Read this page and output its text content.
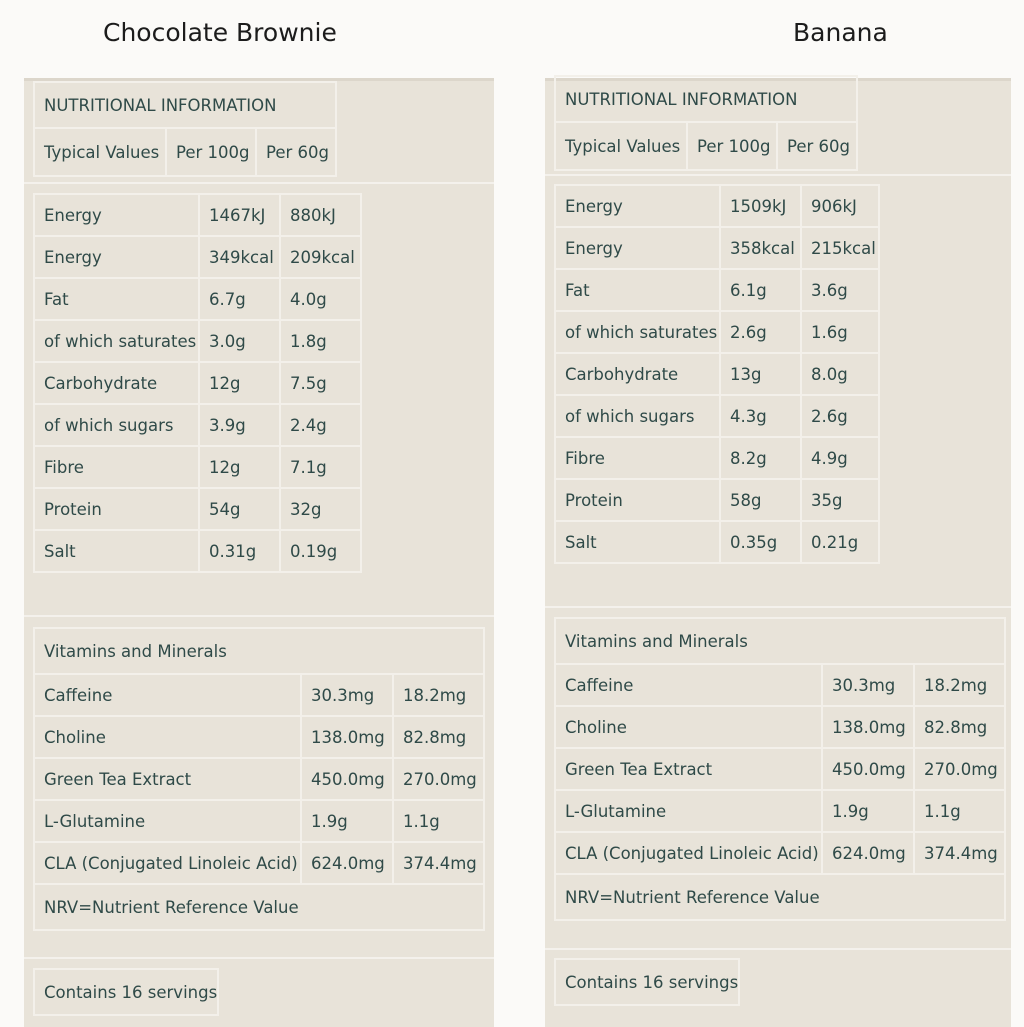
Chocolate Brownie	Banana
NUTRITIONAL INFORMATION
Typical Values	Per 100g	Per 60g
Energy	1467kJ	880kJ
Energy	349kcal	209kcal
Fat	6.7g	4.0g
of which saturates	3.0g	1.8g
Carbohydrate	12g	7.5g
of which sugars	3.9g	2.4g
Fibre	12g	7.1g
Protein	54g	32g
Salt	0.31g	0.19g
Vitamins and Minerals		
Caffeine	30.3mg	18.2mg
Choline	138.0mg	82.8mg
Green Tea Extract	450.0mg	270.0mg
L-Glutamine	1.9g	1.1g
CLA (Conjugated Linoleic Acid)	624.0mg	374.4mg
NRV=Nutrient Reference Value		
Contains 16 servings
NUTRITIONAL INFORMATION
Typical Values	Per 100g	Per 60g
Energy	1509kJ	906kJ
Energy	358kcal	215kcal
Fat	6.1g	3.6g
of which saturates	2.6g	1.6g
Carbohydrate	13g	8.0g
of which sugars	4.3g	2.6g
Fibre	8.2g	4.9g
Protein	58g	35g
Salt	0.35g	0.21g
Vitamins and Minerals		
Caffeine	30.3mg	18.2mg
Choline	138.0mg	82.8mg
Green Tea Extract	450.0mg	270.0mg
L-Glutamine	1.9g	1.1g
CLA (Conjugated Linoleic Acid)	624.0mg	374.4mg
NRV=Nutrient Reference Value		
Contains 16 servings
